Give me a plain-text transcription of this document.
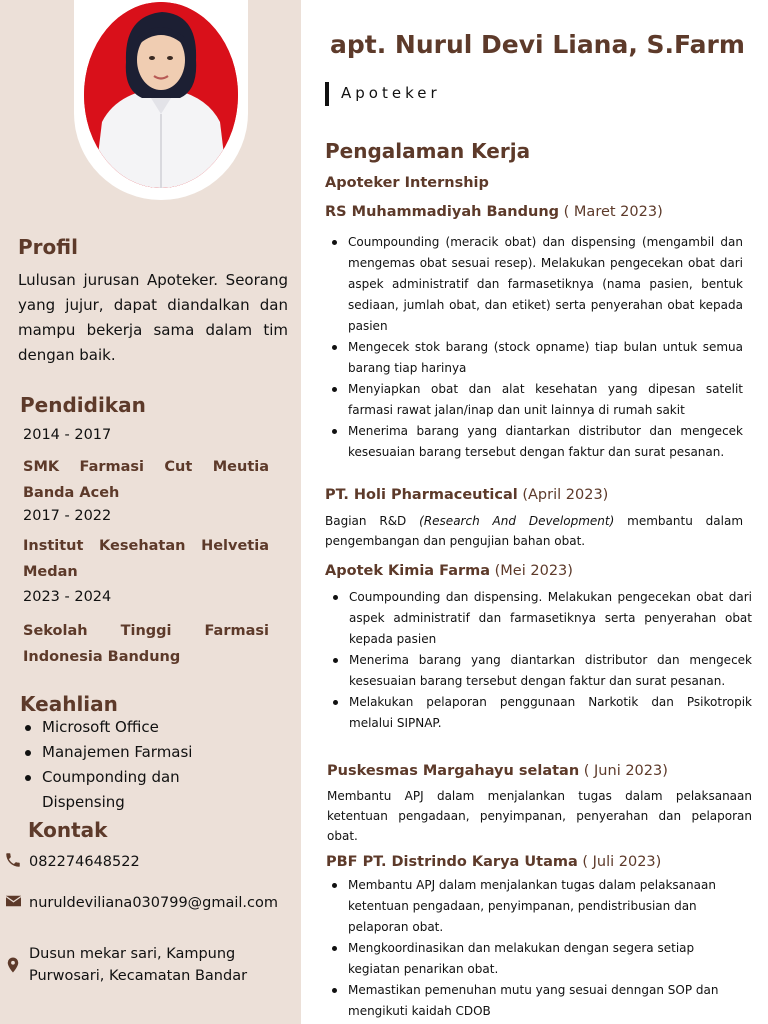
Profil
Lulusan jurusan Apoteker. Seorang yang jujur, dapat diandalkan dan mampu bekerja sama dalam tim dengan baik.
Pendidikan
2014 - 2017
SMK Farmasi Cut Meutia Banda Aceh
2017 - 2022
Institut Kesehatan Helvetia Medan
2023 - 2024
Sekolah Tinggi Farmasi Indonesia Bandung
Keahlian
Microsoft Office
Manajemen Farmasi
Coumponding dan Dispensing
Kontak
082274648522
nuruldeviliana030799@gmail.com
Dusun mekar sari, Kampung Purwosari, Kecamatan Bandar
apt. Nurul Devi Liana, S.Farm
Apoteker
Pengalaman Kerja
Apoteker Internship
RS Muhammadiyah Bandung ( Maret 2023)
Coumpounding (meracik obat) dan dispensing (mengambil dan mengemas obat sesuai resep). Melakukan pengecekan obat dari aspek administratif dan farmasetiknya (nama pasien, bentuk sediaan, jumlah obat, dan etiket) serta penyerahan obat kepada pasien
Mengecek stok barang (stock opname) tiap bulan untuk semua barang tiap harinya
Menyiapkan obat dan alat kesehatan yang dipesan satelit farmasi rawat jalan/inap dan unit lainnya di rumah sakit
Menerima barang yang diantarkan distributor dan mengecek kesesuaian barang tersebut dengan faktur dan surat pesanan.
PT. Holi Pharmaceutical (April 2023)
Bagian R&D (Research And Development) membantu dalam pengembangan dan pengujian bahan obat.
Apotek Kimia Farma (Mei 2023)
Coumpounding dan dispensing. Melakukan pengecekan obat dari aspek administratif dan farmasetiknya serta penyerahan obat kepada pasien
Menerima barang yang diantarkan distributor dan mengecek kesesuaian barang tersebut dengan faktur dan surat pesanan.
Melakukan pelaporan penggunaan Narkotik dan Psikotropik melalui SIPNAP.
Puskesmas Margahayu selatan ( Juni 2023)
Membantu APJ dalam menjalankan tugas dalam pelaksanaan ketentuan pengadaan, penyimpanan, penyerahan dan pelaporan obat.
PBF PT. Distrindo Karya Utama ( Juli 2023)
Membantu APJ dalam menjalankan tugas dalam pelaksanaan ketentuan pengadaan, penyimpanan, pendistribusian dan pelaporan obat.
Mengkoordinasikan dan melakukan dengan segera setiap kegiatan penarikan obat.
Memastikan pemenuhan mutu yang sesuai denngan SOP dan mengikuti kaidah CDOB
